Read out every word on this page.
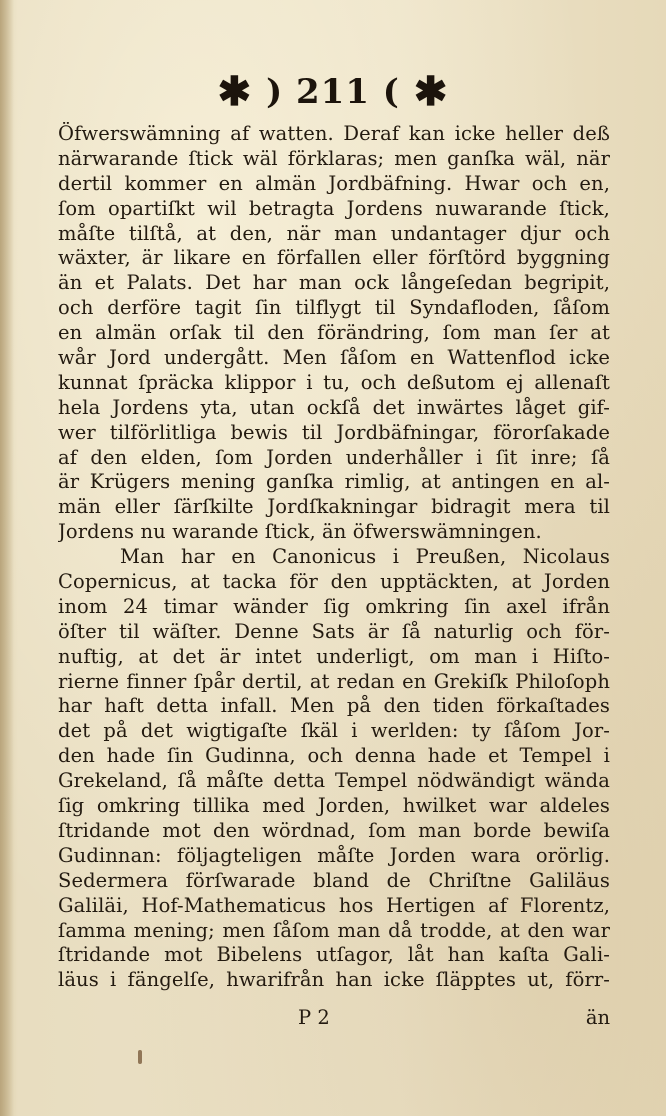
✱ ) 211 ( ✱
Öfwerswämning af watten. Deraf kan icke heller deß
närwarande ſtick wäl förklaras; men ganſka wäl, när
dertil kommer en almän Jordbäfning. Hwar och en,
ſom opartiſkt wil betragta Jordens nuwarande ſtick,
måſte tilſtå, at den, när man undantager djur och
wäxter, är likare en förfallen eller förſtörd byggning
än et Palats. Det har man ock långeſedan begripit,
och derföre tagit ſin tilflygt til Syndafloden, ſåſom
en almän orſak til den förändring, ſom man ſer at
wår Jord undergått. Men ſåſom en Wattenflod icke
kunnat ſpräcka klippor i tu, och deßutom ej allenaſt
hela Jordens yta, utan ockſå det inwärtes låget gif-
wer tilförlitliga bewis til Jordbäfningar, förorſakade
af den elden, ſom Jorden underhåller i ſit inre; ſå
är Krügers mening ganſka rimlig, at antingen en al-
män eller ſärſkilte Jordſkakningar bidragit mera til
Jordens nu warande ſtick, än öfwerswämningen.
Man har en Canonicus i Preußen, Nicolaus
Copernicus, at tacka för den upptäckten, at Jorden
inom 24 timar wänder ſig omkring ſin axel ifrån
öſter til wäſter. Denne Sats är ſå naturlig och för-
nuftig, at det är intet underligt, om man i Hiſto-
rierne finner ſpår dertil, at redan en Grekiſk Philoſoph
har haft detta infall. Men på den tiden förkaſtades
det på det wigtigaſte ſkäl i werlden: ty ſåſom Jor-
den hade ſin Gudinna, och denna hade et Tempel i
Grekeland, ſå måſte detta Tempel nödwändigt wända
ſig omkring tillika med Jorden, hwilket war aldeles
ſtridande mot den wördnad, ſom man borde bewiſa
Gudinnan: följagteligen måſte Jorden wara orörlig.
Sedermera förſwarade bland de Chriſtne Galiläus
Galiläi, Hof-Mathematicus hos Hertigen af Florentz,
ſamma mening; men ſåſom man då trodde, at den war
ſtridande mot Bibelens utſagor, låt han kaſta Gali-
läus i fängelſe, hwarifrån han icke ſläpptes ut, förr-
P 2	än
